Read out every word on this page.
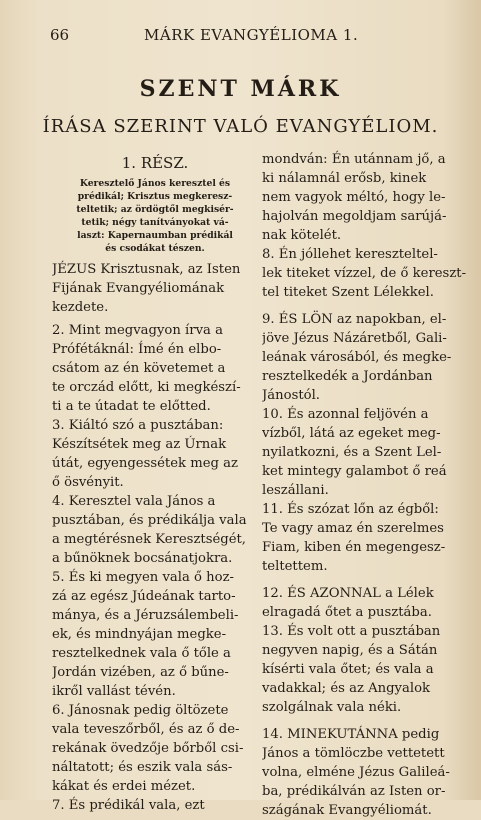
66	MÁRK EVANGYÉLIOMA 1.
SZENT MÁRK
ÍRÁSA SZERINT VALÓ EVANGYÉLIOM.
1. RÉSZ.
Keresztelő János keresztel és
prédikál; Krisztus megkeresz-
teltetik; az ördögtől megkisér-
tetik; négy tanítványokat vá-
laszt: Kapernaumban prédikál
és csodákat tészen.
JÉZUS Krisztusnak, az Isten
Fijának Evangyéliomának
kezdete.
2. Mint megvagyon írva a
Prófétáknál: Ímé én elbo-
csátom az én követemet a
te orczád előtt, ki megkészí-
ti a te útadat te előtted.
3. Kiáltó szó a pusztában:
Készítsétek meg az Úrnak
útát, egyengessétek meg az
ő ösvényit.
4. Keresztel vala János a
pusztában, és prédikálja vala
a megtérésnek Keresztségét,
a bűnöknek bocsánatjokra.
5. És ki megyen vala ő hoz-
zá az egész Júdeának tarto-
mánya, és a Jéruzsálembeli-
ek, és mindnyájan megke-
resztelkednek vala ő tőle a
Jordán vizében, az ő bűne-
ikről vallást tévén.
6. Jánosnak pedig öltözete
vala teveszőrből, és az ő de-
rekának övedzője bőrből csi-
náltatott; és eszik vala sás-
kákat és erdei mézet.
7. És prédikál vala, ezt
mondván: Én utánnam jő, a
ki nálamnál erősb, kinek
nem vagyok méltó, hogy le-
hajolván megoldjam sarújá-
nak kötelét.
8. Én jóllehet kereszteltel-
lek titeket vízzel, de ő kereszt-
tel titeket Szent Lélekkel.
9. ÉS LÖN az napokban, el-
jöve Jézus Názáretből, Gali-
leának városából, és megke-
resztelkedék a Jordánban
Jánostól.
10. És azonnal feljövén a
vízből, látá az egeket meg-
nyilatkozni, és a Szent Lel-
ket mintegy galambot ő reá
leszállani.
11. És szózat lőn az égből:
Te vagy amaz én szerelmes
Fiam, kiben én megengesz-
teltettem.
12. ÉS AZONNAL a Lélek
elragadá őtet a pusztába.
13. És volt ott a pusztában
negyven napig, és a Sátán
kísérti vala őtet; és vala a
vadakkal; és az Angyalok
szolgálnak vala néki.
14. MINEKUTÁNNA pedig
János a tömlöczbe vettetett
volna, elméne Jézus Galileá-
ba, prédikálván az Isten or-
szágának Evangyéliomát.
